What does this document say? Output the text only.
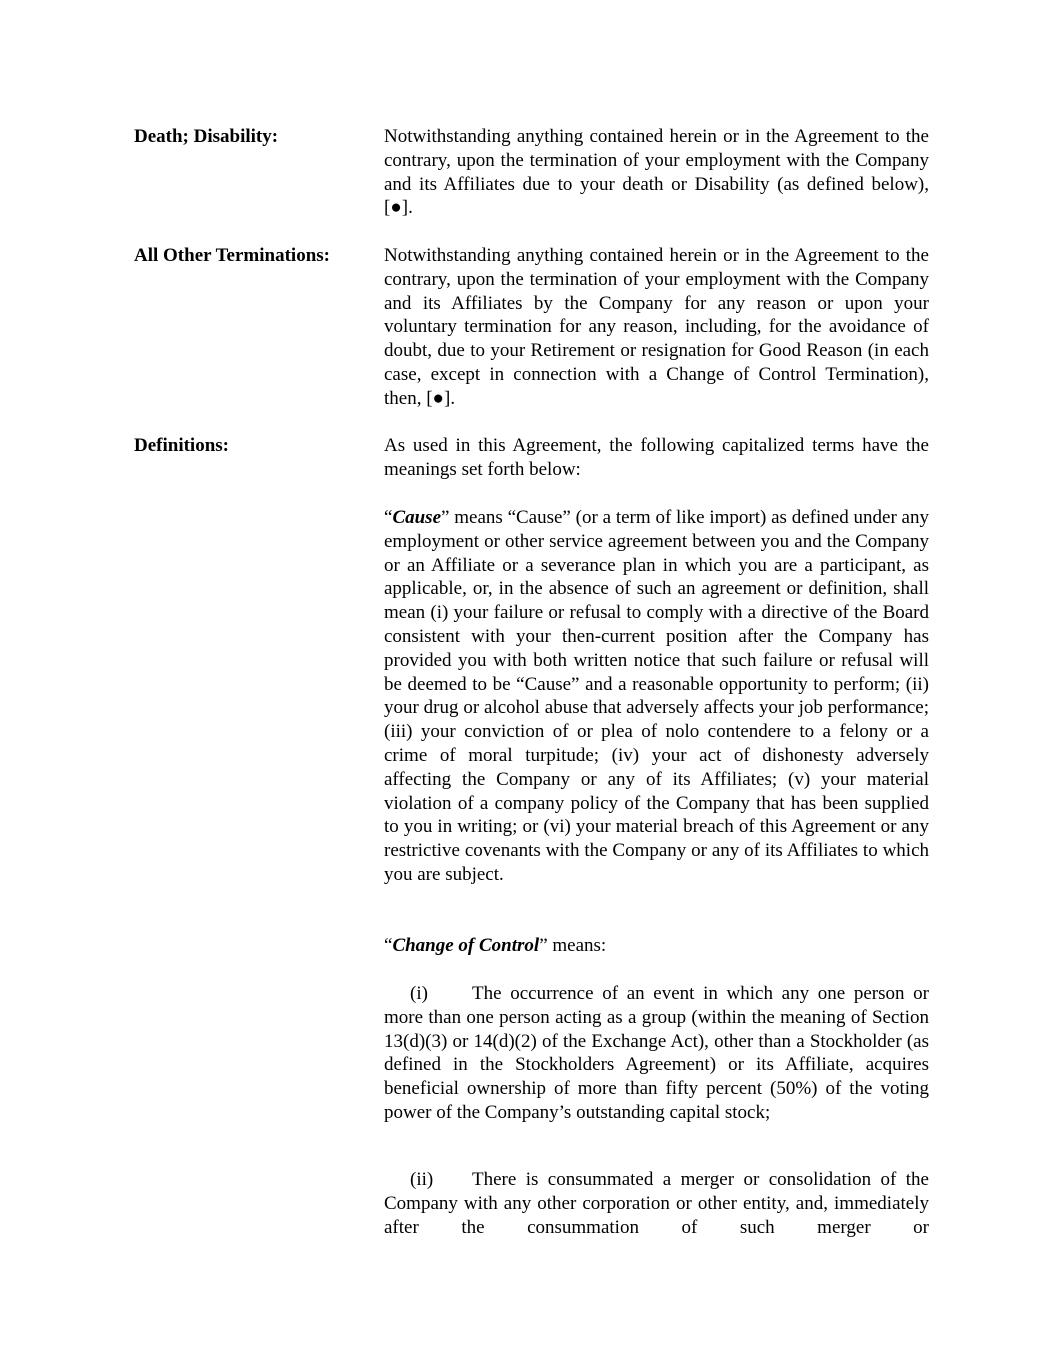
Death; Disability:	Notwithstanding anything contained herein or in the Agreement to the contrary, upon the termination of your employment with the Company and its Affiliates due to your death or Disability (as defined below), [●].

All Other Terminations:	Notwithstanding anything contained herein or in the Agreement to the contrary, upon the termination of your employment with the Company and its Affiliates by the Company for any reason or upon your voluntary termination for any reason, including, for the avoidance of doubt, due to your Retirement or resignation for Good Reason (in each case, except in connection with a Change of Control Termination), then, [●].

Definitions:	As used in this Agreement, the following capitalized terms have the meanings set forth below:

“Cause” means “Cause” (or a term of like import) as defined under any employment or other service agreement between you and the Company or an Affiliate or a severance plan in which you are a participant, as applicable, or, in the absence of such an agreement or definition, shall mean (i) your failure or refusal to comply with a directive of the Board consistent with your then-current position after the Company has provided you with both written notice that such failure or refusal will be deemed to be “Cause” and a reasonable opportunity to perform; (ii) your drug or alcohol abuse that adversely affects your job performance; (iii) your conviction of or plea of nolo contendere to a felony or a crime of moral turpitude; (iv) your act of dishonesty adversely affecting the Company or any of its Affiliates; (v) your material violation of a company policy of the Company that has been supplied to you in writing; or (vi) your material breach of this Agreement or any restrictive covenants with the Company or any of its Affiliates to which you are subject.

“Change of Control” means:

(i) The occurrence of an event in which any one person or more than one person acting as a group (within the meaning of Section 13(d)(3) or 14(d)(2) of the Exchange Act), other than a Stockholder (as defined in the Stockholders Agreement) or its Affiliate, acquires beneficial ownership of more than fifty percent (50%) of the voting power of the Company’s outstanding capital stock;

(ii) There is consummated a merger or consolidation of the Company with any other corporation or other entity, and, immediately after the consummation of such merger or
